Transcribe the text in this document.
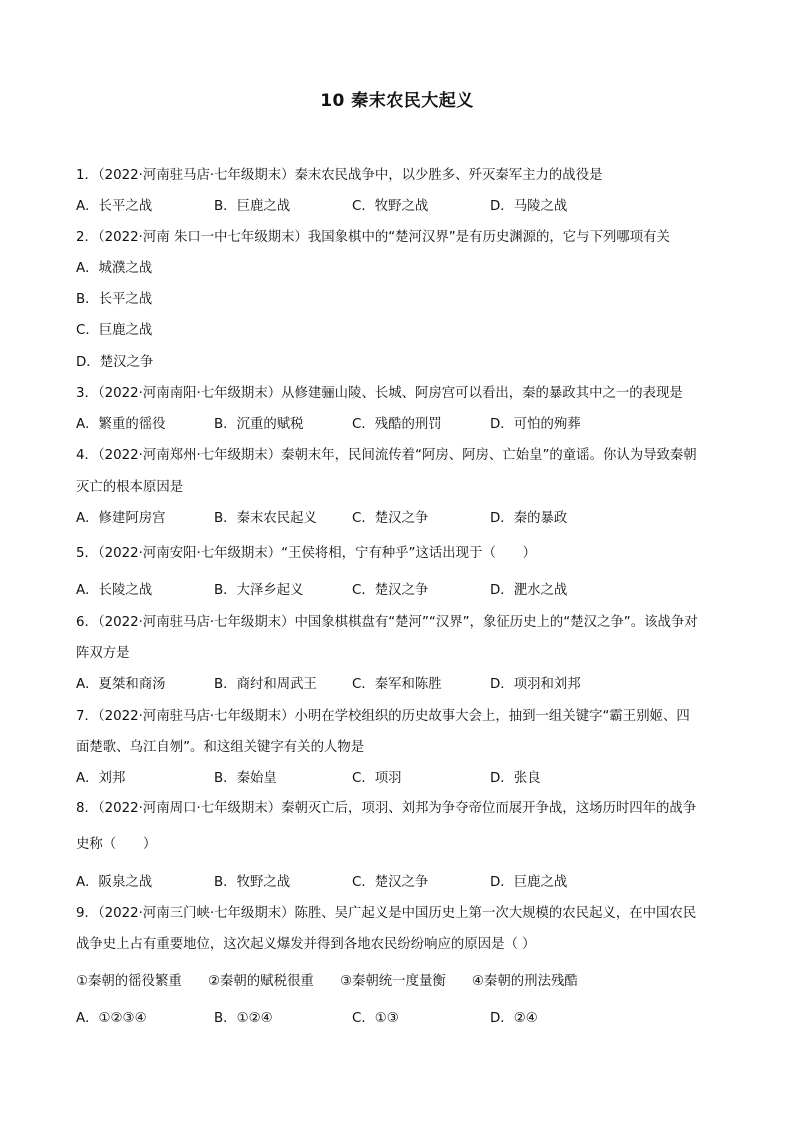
10 秦末农民大起义
1．（2022·河南驻马店·七年级期末）秦末农民战争中，以少胜多、歼灭秦军主力的战役是
A．长平之战	B．巨鹿之战	C．牧野之战	D．马陵之战
2．（2022·河南 朱口一中七年级期末）我国象棋中的“楚河汉界”是有历史渊源的，它与下列哪项有关
A．城濮之战
B．长平之战
C．巨鹿之战
D．楚汉之争
3．（2022·河南南阳·七年级期末）从修建骊山陵、长城、阿房宫可以看出，秦的暴政其中之一的表现是
A．繁重的徭役	B．沉重的赋税	C．残酷的刑罚	D．可怕的殉葬
4．（2022·河南郑州·七年级期末）秦朝末年，民间流传着“阿房、阿房、亡始皇”的童谣。你认为导致秦朝
灭亡的根本原因是
A．修建阿房宫	B．秦末农民起义	C．楚汉之争	D．秦的暴政
5．（2022·河南安阳·七年级期末）“王侯将相，宁有种乎”这话出现于（　　）
A．长陵之战	B．大泽乡起义	C．楚汉之争	D．淝水之战
6．（2022·河南驻马店·七年级期末）中国象棋棋盘有“楚河”“汉界”，象征历史上的“楚汉之争”。该战争对
阵双方是
A．夏桀和商汤	B．商纣和周武王	C．秦军和陈胜	D．项羽和刘邦
7．（2022·河南驻马店·七年级期末）小明在学校组织的历史故事大会上，抽到一组关键字“霸王别姬、四
面楚歌、乌江自刎”。和这组关键字有关的人物是
A．刘邦	B．秦始皇	C．项羽	D．张良
8．（2022·河南周口·七年级期末）秦朝灭亡后，项羽、刘邦为争夺帝位而展开争战，这场历时四年的战争
史称（　　）
A．阪泉之战	B．牧野之战	C．楚汉之争	D．巨鹿之战
9．（2022·河南三门峡·七年级期末）陈胜、吴广起义是中国历史上第一次大规模的农民起义，在中国农民
战争史上占有重要地位，这次起义爆发并得到各地农民纷纷响应的原因是（ ）
①秦朝的徭役繁重 ②秦朝的赋税很重 ③秦朝统一度量衡 ④秦朝的刑法残酷
A．①②③④	B．①②④	C．①③	D．②④
